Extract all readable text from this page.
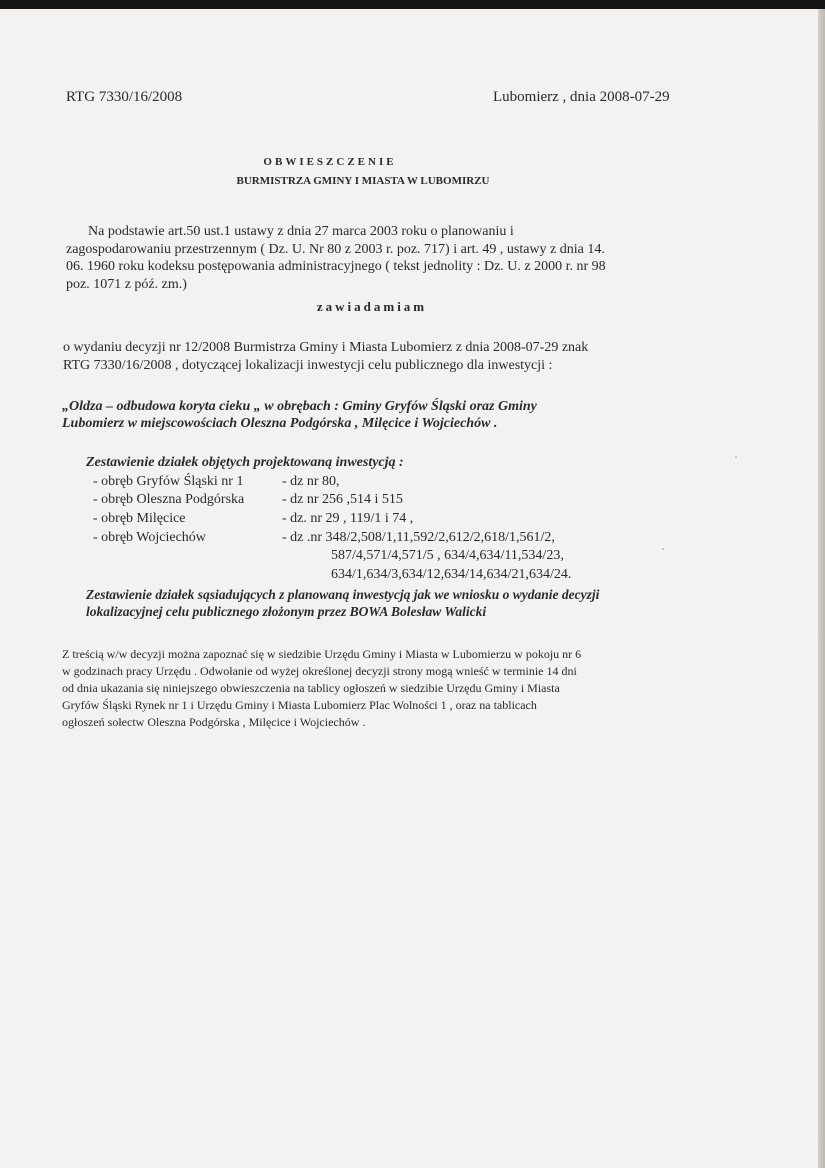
RTG 7330/16/2008	Lubomierz , dnia 2008-07-29
OBWIESZCZENIE
BURMISTRZA GMINY I MIASTA W LUBOMIRZU
Na podstawie art.50 ust.1 ustawy z dnia 27 marca 2003 roku o planowaniu i
zagospodarowaniu przestrzennym ( Dz. U. Nr 80 z 2003 r. poz. 717) i art. 49 , ustawy z dnia 14.
06. 1960 roku kodeksu postępowania administracyjnego ( tekst jednolity : Dz. U. z 2000 r. nr 98
poz. 1071 z póź. zm.)
zawiadamiam
o wydaniu decyzji nr 12/2008 Burmistrza Gminy i Miasta Lubomierz z dnia 2008-07-29 znak
RTG 7330/16/2008 , dotyczącej lokalizacji inwestycji celu publicznego dla inwestycji :
„Oldza – odbudowa koryta cieku „ w obrębach : Gminy Gryfów Śląski oraz Gminy
Lubomierz w miejscowościach Oleszna Podgórska , Milęcice i Wojciechów .
Zestawienie działek objętych projektowaną inwestycją :
- obręb Gryfów Śląski nr 1	- dz nr 80,
- obręb Oleszna Podgórska	- dz nr 256 ,514 i 515
- obręb Milęcice	- dz. nr 29 , 119/1 i 74 ,
- obręb Wojciechów	- dz .nr 348/2,508/1,11,592/2,612/2,618/1,561/2,
587/4,571/4,571/5 , 634/4,634/11,534/23,
634/1,634/3,634/12,634/14,634/21,634/24.
Zestawienie działek sąsiadujących z planowaną inwestycją jak we wniosku o wydanie decyzji
lokalizacyjnej celu publicznego złożonym przez BOWA Bolesław Walicki
Z treścią w/w decyzji można zapoznać się w siedzibie Urzędu Gminy i Miasta w Lubomierzu w pokoju nr 6
w godzinach pracy Urzędu . Odwołanie od wyżej określonej decyzji strony mogą wnieść w terminie 14 dni
od dnia ukazania się niniejszego obwieszczenia na tablicy ogłoszeń w siedzibie Urzędu Gminy i Miasta
Gryfów Śląski Rynek nr 1 i Urzędu Gminy i Miasta Lubomierz Plac Wolności 1 , oraz na tablicach
ogłoszeń sołectw Oleszna Podgórska , Milęcice i Wojciechów .
